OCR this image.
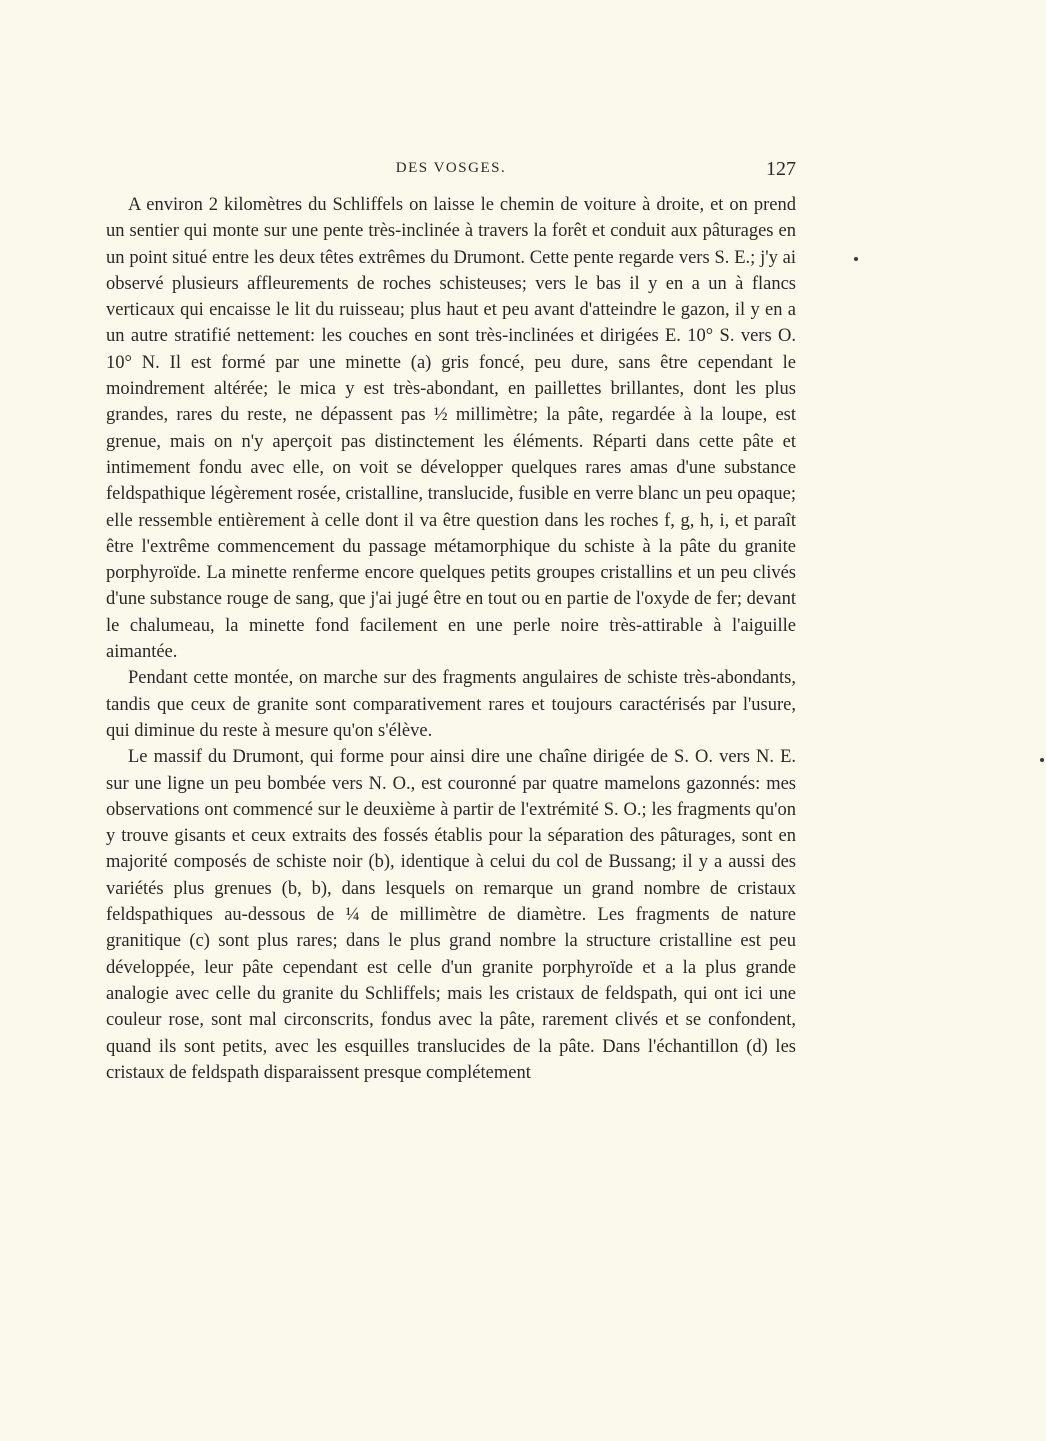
DES VOSGES.	127

A environ 2 kilomètres du Schliffels on laisse le chemin de voiture à droite, et on prend un sentier qui monte sur une pente très-inclinée à travers la forêt et conduit aux pâturages en un point situé entre les deux têtes extrêmes du Drumont. Cette pente regarde vers S. E.; j'y ai observé plusieurs affleurements de roches schisteuses; vers le bas il y en a un à flancs verticaux qui encaisse le lit du ruisseau; plus haut et peu avant d'atteindre le gazon, il y en a un autre stratifié nettement: les couches en sont très-inclinées et dirigées E. 10° S. vers O. 10° N. Il est formé par une minette (a) gris foncé, peu dure, sans être cependant le moindrement altérée; le mica y est très-abondant, en paillettes brillantes, dont les plus grandes, rares du reste, ne dépassent pas ½ millimètre; la pâte, regardée à la loupe, est grenue, mais on n'y aperçoit pas distinctement les éléments. Réparti dans cette pâte et intimement fondu avec elle, on voit se développer quelques rares amas d'une substance feldspathique légèrement rosée, cristalline, translucide, fusible en verre blanc un peu opaque; elle ressemble entièrement à celle dont il va être question dans les roches f, g, h, i, et paraît être l'extrême commencement du passage métamorphique du schiste à la pâte du granite porphyroïde. La minette renferme encore quelques petits groupes cristallins et un peu clivés d'une substance rouge de sang, que j'ai jugé être en tout ou en partie de l'oxyde de fer; devant le chalumeau, la minette fond facilement en une perle noire très-attirable à l'aiguille aimantée.

Pendant cette montée, on marche sur des fragments angulaires de schiste très-abondants, tandis que ceux de granite sont comparativement rares et toujours caractérisés par l'usure, qui diminue du reste à mesure qu'on s'élève.

Le massif du Drumont, qui forme pour ainsi dire une chaîne dirigée de S. O. vers N. E. sur une ligne un peu bombée vers N. O., est couronné par quatre mamelons gazonnés: mes observations ont commencé sur le deuxième à partir de l'extrémité S. O.; les fragments qu'on y trouve gisants et ceux extraits des fossés établis pour la séparation des pâturages, sont en majorité composés de schiste noir (b), identique à celui du col de Bussang; il y a aussi des variétés plus grenues (b, b), dans lesquels on remarque un grand nombre de cristaux feldspathiques au-dessous de ¼ de millimètre de diamètre. Les fragments de nature granitique (c) sont plus rares; dans le plus grand nombre la structure cristalline est peu développée, leur pâte cependant est celle d'un granite porphyroïde et a la plus grande analogie avec celle du granite du Schliffels; mais les cristaux de feldspath, qui ont ici une couleur rose, sont mal circonscrits, fondus avec la pâte, rarement clivés et se confondent, quand ils sont petits, avec les esquilles translucides de la pâte. Dans l'échantillon (d) les cristaux de feldspath disparaissent presque complétement
